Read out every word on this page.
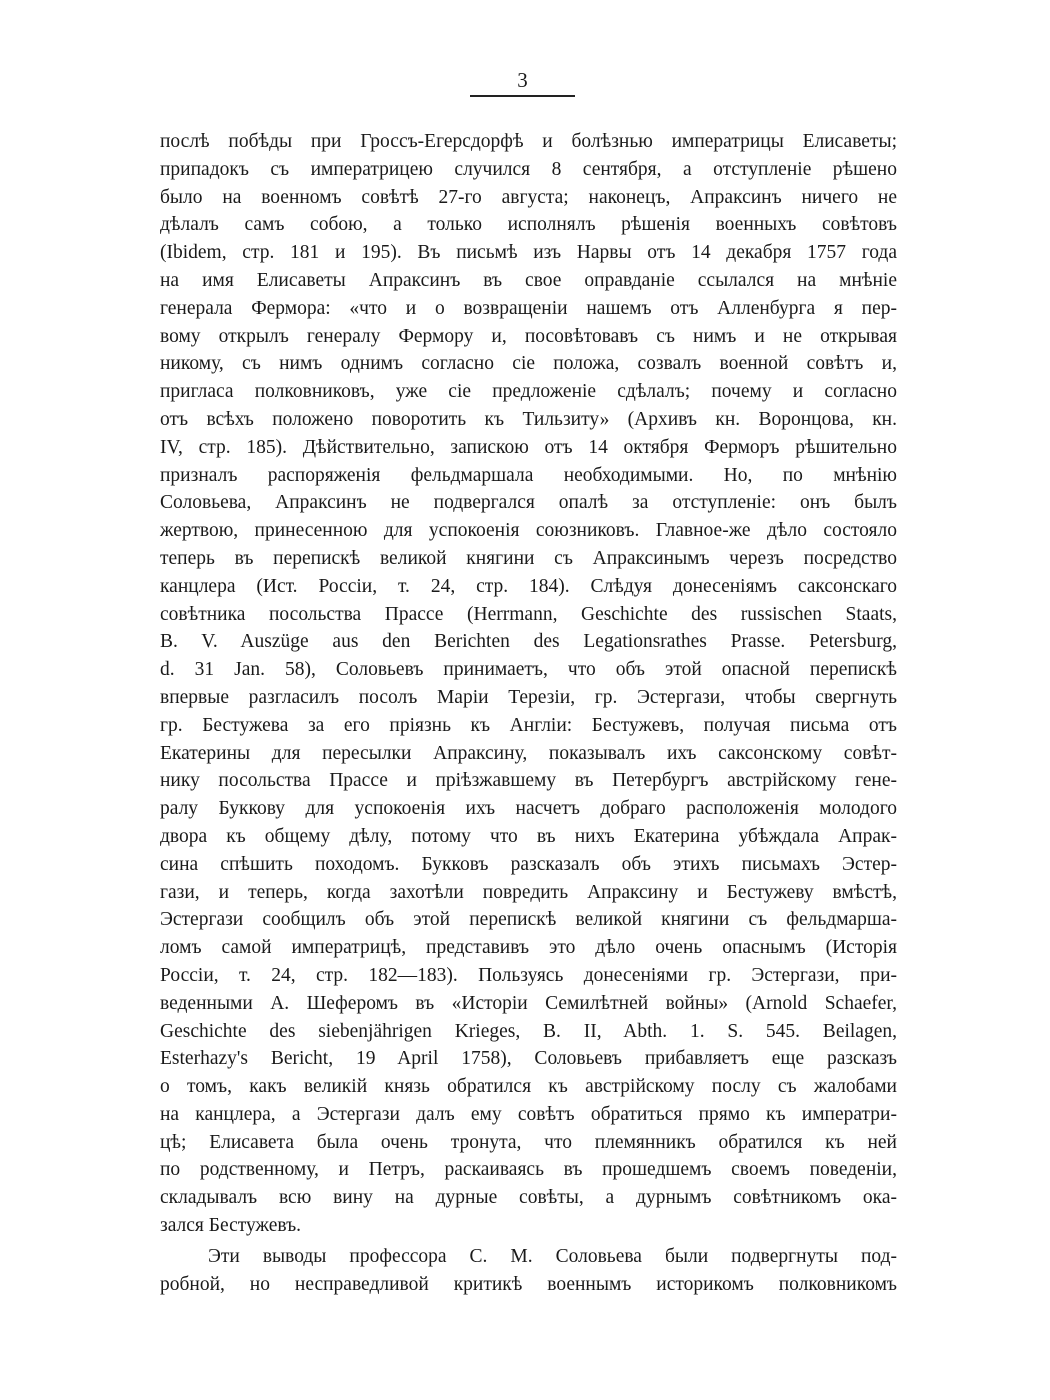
3
послѣ побѣды при Гроссъ-Егерсдорфѣ и болѣзнью императрицы Елисаветы;
припадокъ съ императрицею случился 8 сентября, а отступленіе рѣшено
было на военномъ совѣтѣ 27-го августа; наконецъ, Апраксинъ ничего не
дѣлалъ самъ собою, а только исполнялъ рѣшенія военныхъ совѣтовъ
(Ibidem, стр. 181 и 195). Въ письмѣ изъ Нарвы отъ 14 декабря 1757 года
на имя Елисаветы Апраксинъ въ свое оправданіе ссылался на мнѣніе
генерала Фермора: «что и о возвращеніи нашемъ отъ Алленбурга я пер-
вому открылъ генералу Фермору и, посовѣтовавъ съ нимъ и не открывая
никому, съ нимъ однимъ согласно сіе положа, созвалъ военной совѣтъ и,
пригласа полковниковъ, уже сіе предложеніе сдѣлалъ; почему и согласно
отъ всѣхъ положено поворотить къ Тильзиту» (Архивъ кн. Воронцова, кн.
IV, стр. 185). Дѣйствительно, запискою отъ 14 октября Ферморъ рѣшительно
призналъ распоряженія фельдмаршала необходимыми. Но, по мнѣнію
Соловьева, Апраксинъ не подвергался опалѣ за отступленіе: онъ былъ
жертвою, принесенною для успокоенія союзниковъ. Главное-же дѣло состояло
теперь въ перепискѣ великой княгини съ Апраксинымъ черезъ посредство
канцлера (Ист. Россіи, т. 24, стр. 184). Слѣдуя донесеніямъ саксонскаго
совѣтника посольства Прассе (Herrmann, Geschichte des russischen Staats,
B. V. Auszüge aus den Berichten des Legationsrathes Prasse. Petersburg,
d. 31 Jan. 58), Соловьевъ принимаетъ, что объ этой опасной перепискѣ
впервые разгласилъ посолъ Маріи Терезіи, гр. Эстергази, чтобы свергнуть
гр. Бестужева за его пріязнь къ Англіи: Бестужевъ, получая письма отъ
Екатерины для пересылки Апраксину, показывалъ ихъ саксонскому совѣт-
нику посольства Прассе и пріѣзжавшему въ Петербургъ австрійскому гене-
ралу Буккову для успокоенія ихъ насчетъ добраго расположенія молодого
двора къ общему дѣлу, потому что въ нихъ Екатерина убѣждала Апрак-
сина спѣшить походомъ. Букковъ разсказалъ объ этихъ письмахъ Эстер-
гази, и теперь, когда захотѣли повредить Апраксину и Бестужеву вмѣстѣ,
Эстергази сообщилъ объ этой перепискѣ великой княгини съ фельдмарша-
ломъ самой императрицѣ, представивъ это дѣло очень опаснымъ (Исторія
Россіи, т. 24, стр. 182—183). Пользуясь донесеніями гр. Эстергази, при-
веденными А. Шеферомъ въ «Исторіи Семилѣтней войны» (Arnold Schaefer,
Geschichte des siebenjährigen Krieges, B. II, Abth. 1. S. 545. Beilagen,
Esterhazy's Bericht, 19 April 1758), Соловьевъ прибавляетъ еще разсказъ
о томъ, какъ великій князь обратился къ австрійскому послу съ жалобами
на канцлера, а Эстергази далъ ему совѣтъ обратиться прямо къ императри-
цѣ; Елисавета была очень тронута, что племянникъ обратился къ ней
по родственному, и Петръ, раскаиваясь въ прошедшемъ своемъ поведеніи,
складывалъ всю вину на дурные совѣты, а дурнымъ совѣтникомъ ока-
зался Бестужевъ.
Эти выводы профессора С. М. Соловьева были подвергнуты под-
робной, но несправедливой критикѣ военнымъ историкомъ полковникомъ
